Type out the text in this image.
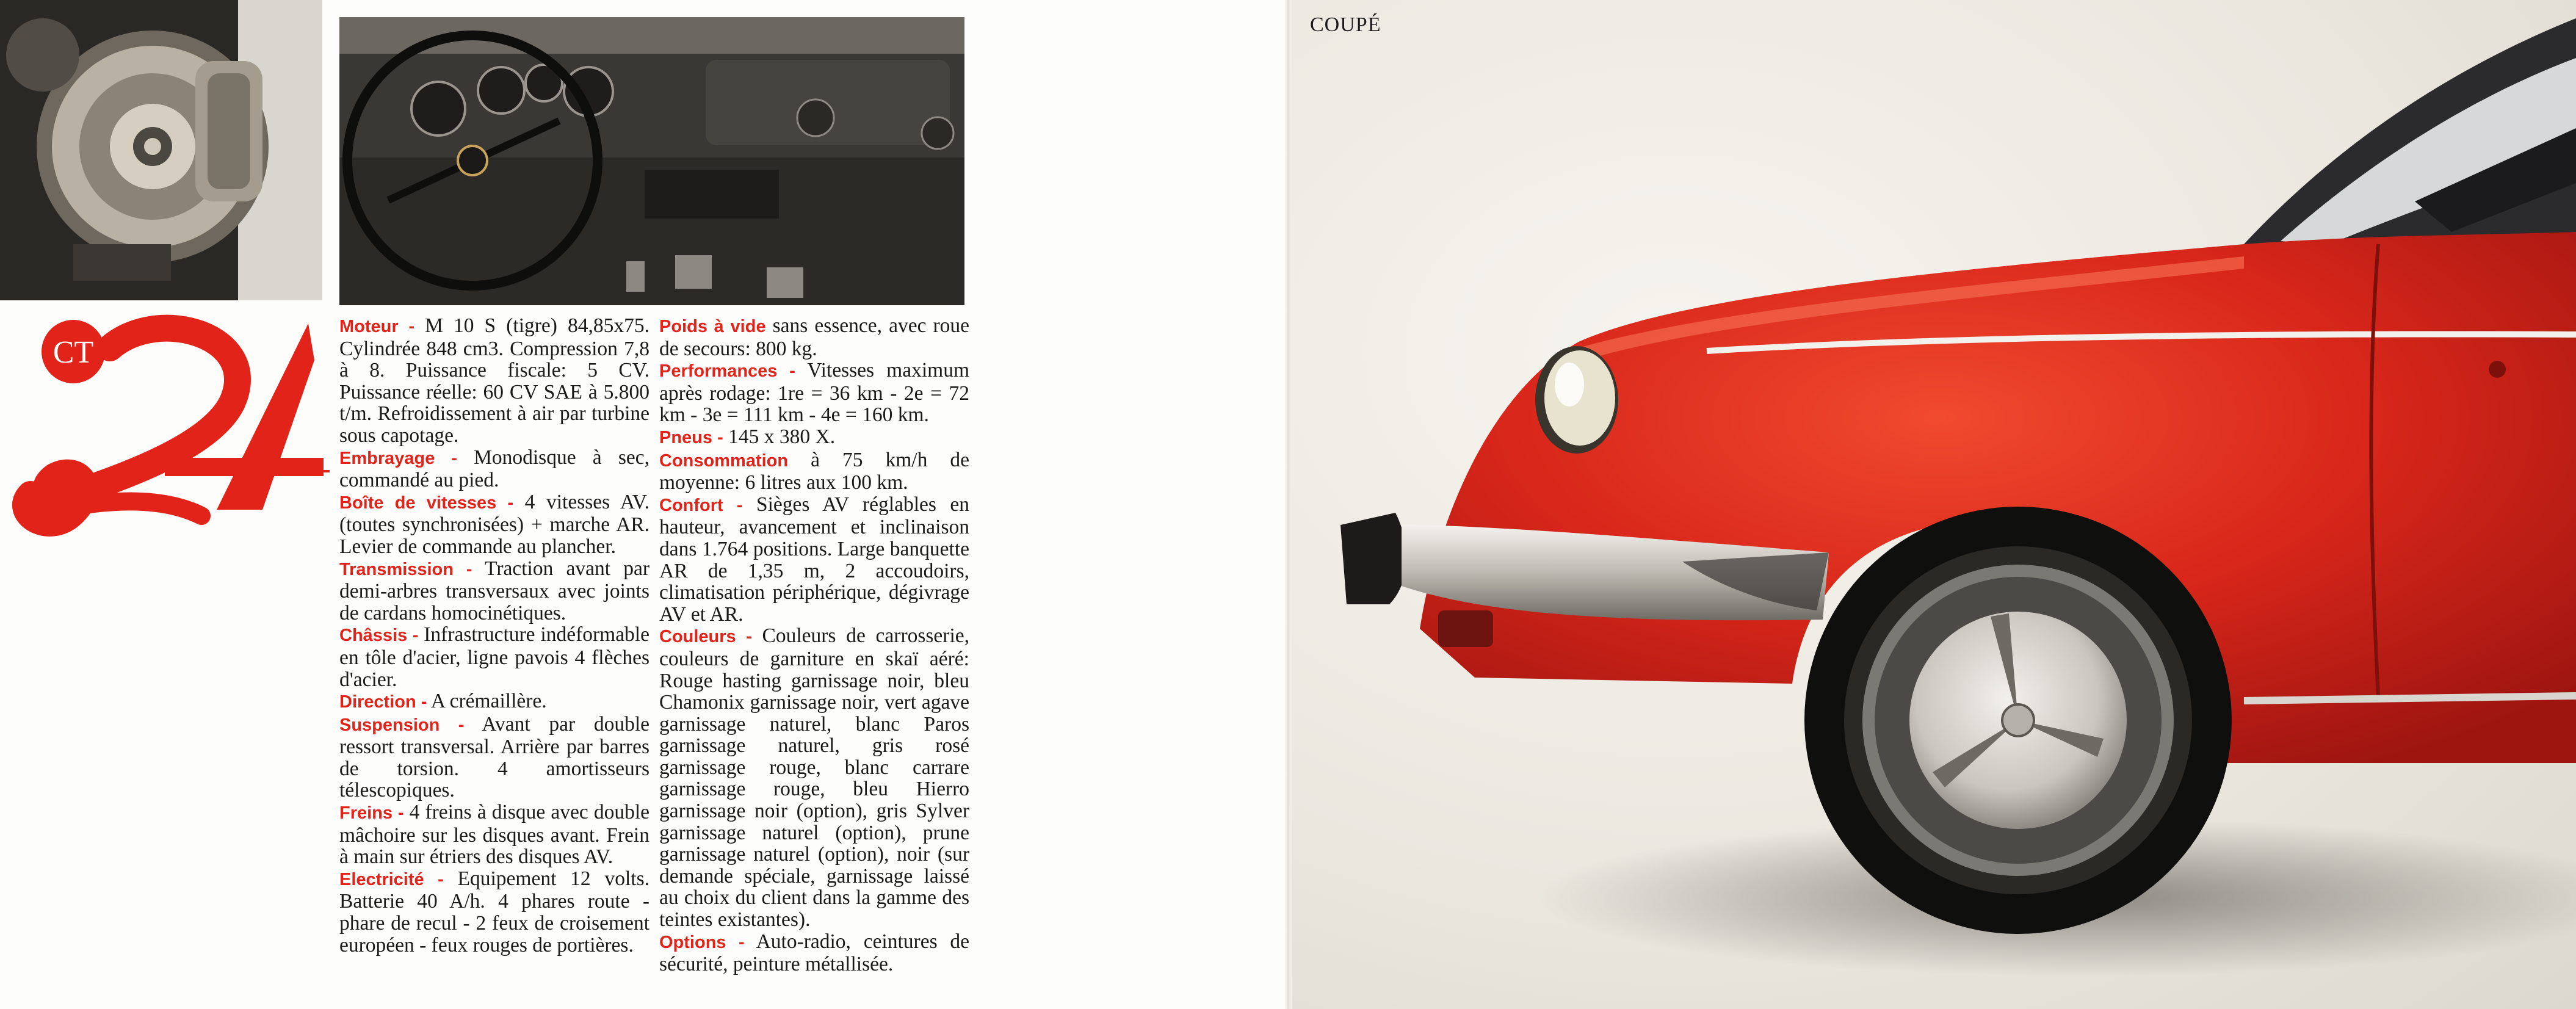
CT

Moteur - M 10 S (tigre) 84,85x75. Cylindrée 848 cm3. Compression 7,8 à 8. Puissance fiscale: 5 CV. Puissance réelle: 60 CV SAE à 5.800 t/m. Refroidissement à air par turbine sous capotage.

Embrayage - Monodisque à sec, commandé au pied.

Boîte de vitesses - 4 vitesses AV. (toutes synchronisées) + marche AR. Levier de commande au plancher.

Transmission - Traction avant par demi-arbres transversaux avec joints de cardans homocinétiques.

Châssis - Infrastructure indéformable en tôle d'acier, ligne pavois 4 flèches d'acier.

Direction - A crémaillère.

Suspension - Avant par double ressort transversal. Arrière par barres de torsion. 4 amortisseurs télescopiques.

Freins - 4 freins à disque avec double mâchoire sur les disques avant. Frein à main sur étriers des disques AV.

Electricité - Equipement 12 volts. Batterie 40 A/h. 4 phares route - phare de recul - 2 feux de croisement européen - feux rouges de portières.

Poids à vide sans essence, avec roue de secours: 800 kg.

Performances - Vitesses maximum après rodage: 1re = 36 km - 2e = 72 km - 3e = 111 km - 4e = 160 km.

Pneus - 145 x 380 X.

Consommation à 75 km/h de moyenne: 6 litres aux 100 km.

Confort - Sièges AV réglables en hauteur, avancement et inclinaison dans 1.764 positions. Large banquette AR de 1,35 m, 2 accoudoirs, climatisation périphérique, dégivrage AV et AR.

Couleurs - Couleurs de carrosserie, couleurs de garniture en skaï aéré: Rouge hasting garnissage noir, bleu Chamonix garnissage noir, vert agave garnissage naturel, blanc Paros garnissage naturel, gris rosé garnissage rouge, blanc carrare garnissage rouge, bleu Hierro garnissage noir (option), gris Sylver garnissage naturel (option), prune garnissage naturel (option), noir (sur demande spéciale, garnissage laissé au choix du client dans la gamme des teintes existantes).

Options - Auto-radio, ceintures de sécurité, peinture métallisée.

COUPÉ
